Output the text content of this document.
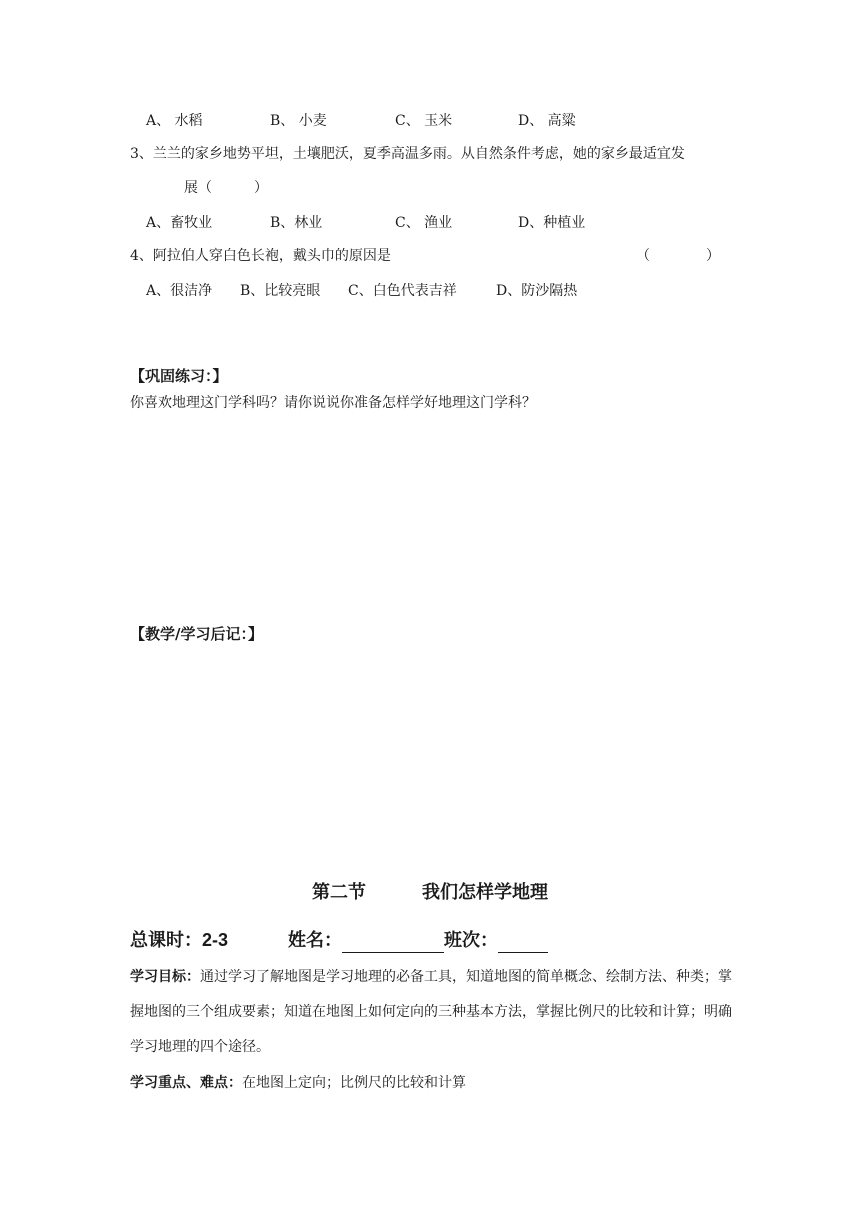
A、 水稻	B、 小麦	C、 玉米	D、 高粱
3、兰兰的家乡地势平坦，土壤肥沃，夏季高温多雨。从自然条件考虑，她的家乡最适宜发
展（　　　）
A、畜牧业	B、林业	C、 渔业	D、种植业
4、阿拉伯人穿白色长袍，戴头巾的原因是	（　　　　）
A、很洁净 B、比较亮眼 C、白色代表吉祥	D、防沙隔热
【巩固练习：】
你喜欢地理这门学科吗？请你说说你准备怎样学好地理这门学科？
【教学/学习后记：】
第二节	我们怎样学地理
总课时：2-3	姓名：	班次：
学习目标：通过学习了解地图是学习地理的必备工具，知道地图的简单概念、绘制方法、种类；掌握地图的三个组成要素；知道在地图上如何定向的三种基本方法，掌握比例尺的比较和计算；明确学习地理的四个途径。
学习重点、难点：在地图上定向；比例尺的比较和计算
